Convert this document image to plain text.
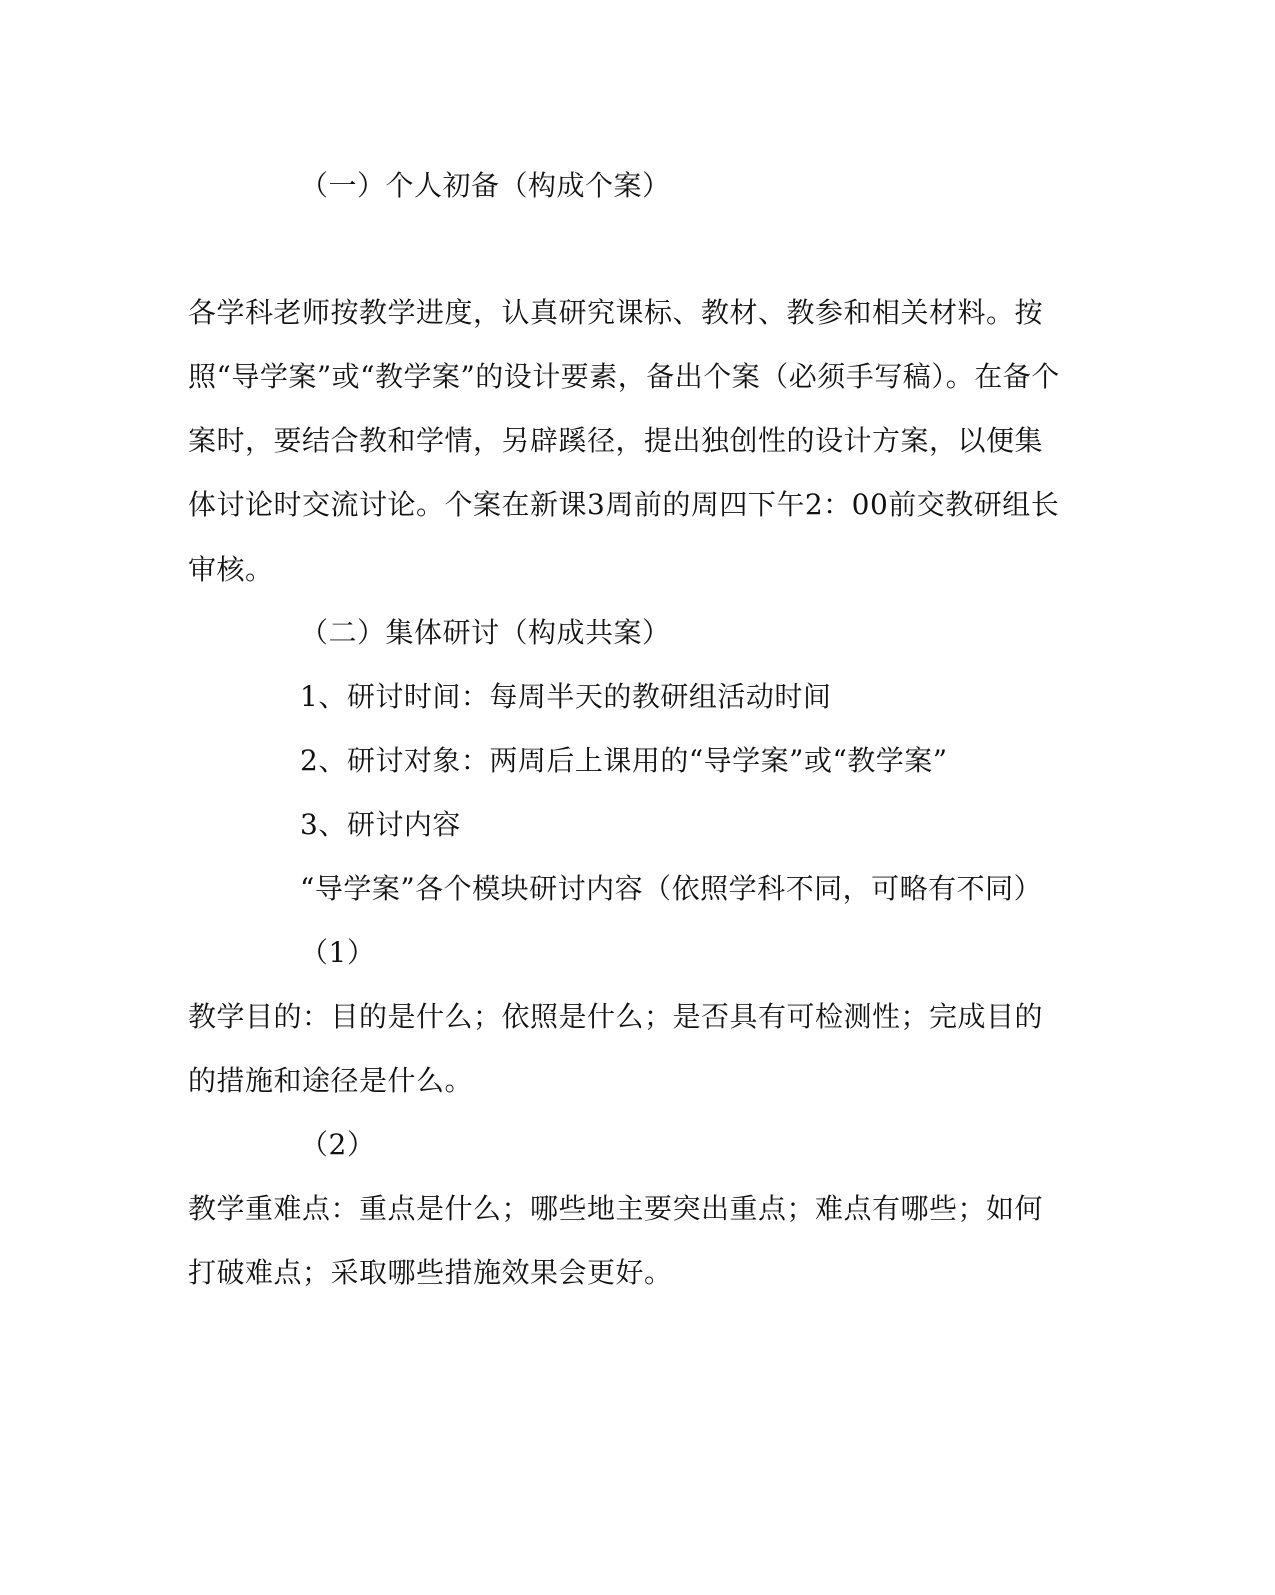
（一）个人初备（构成个案）
各学科老师按教学进度，认真研究课标、教材、教参和相关材料。按
照“导学案”或“教学案”的设计要素，备出个案（必须手写稿）。在备个
案时，要结合教和学情，另辟蹊径，提出独创性的设计方案，以便集
体讨论时交流讨论。个案在新课3周前的周四下午2：00前交教研组长
审核。
（二）集体研讨（构成共案）
1、研讨时间：每周半天的教研组活动时间
2、研讨对象：两周后上课用的“导学案”或“教学案”
3、研讨内容
“导学案”各个模块研讨内容（依照学科不同，可略有不同）
（1）
教学目的：目的是什么；依照是什么；是否具有可检测性；完成目的
的措施和途径是什么。
（2）
教学重难点：重点是什么；哪些地主要突出重点；难点有哪些；如何
打破难点；采取哪些措施效果会更好。
